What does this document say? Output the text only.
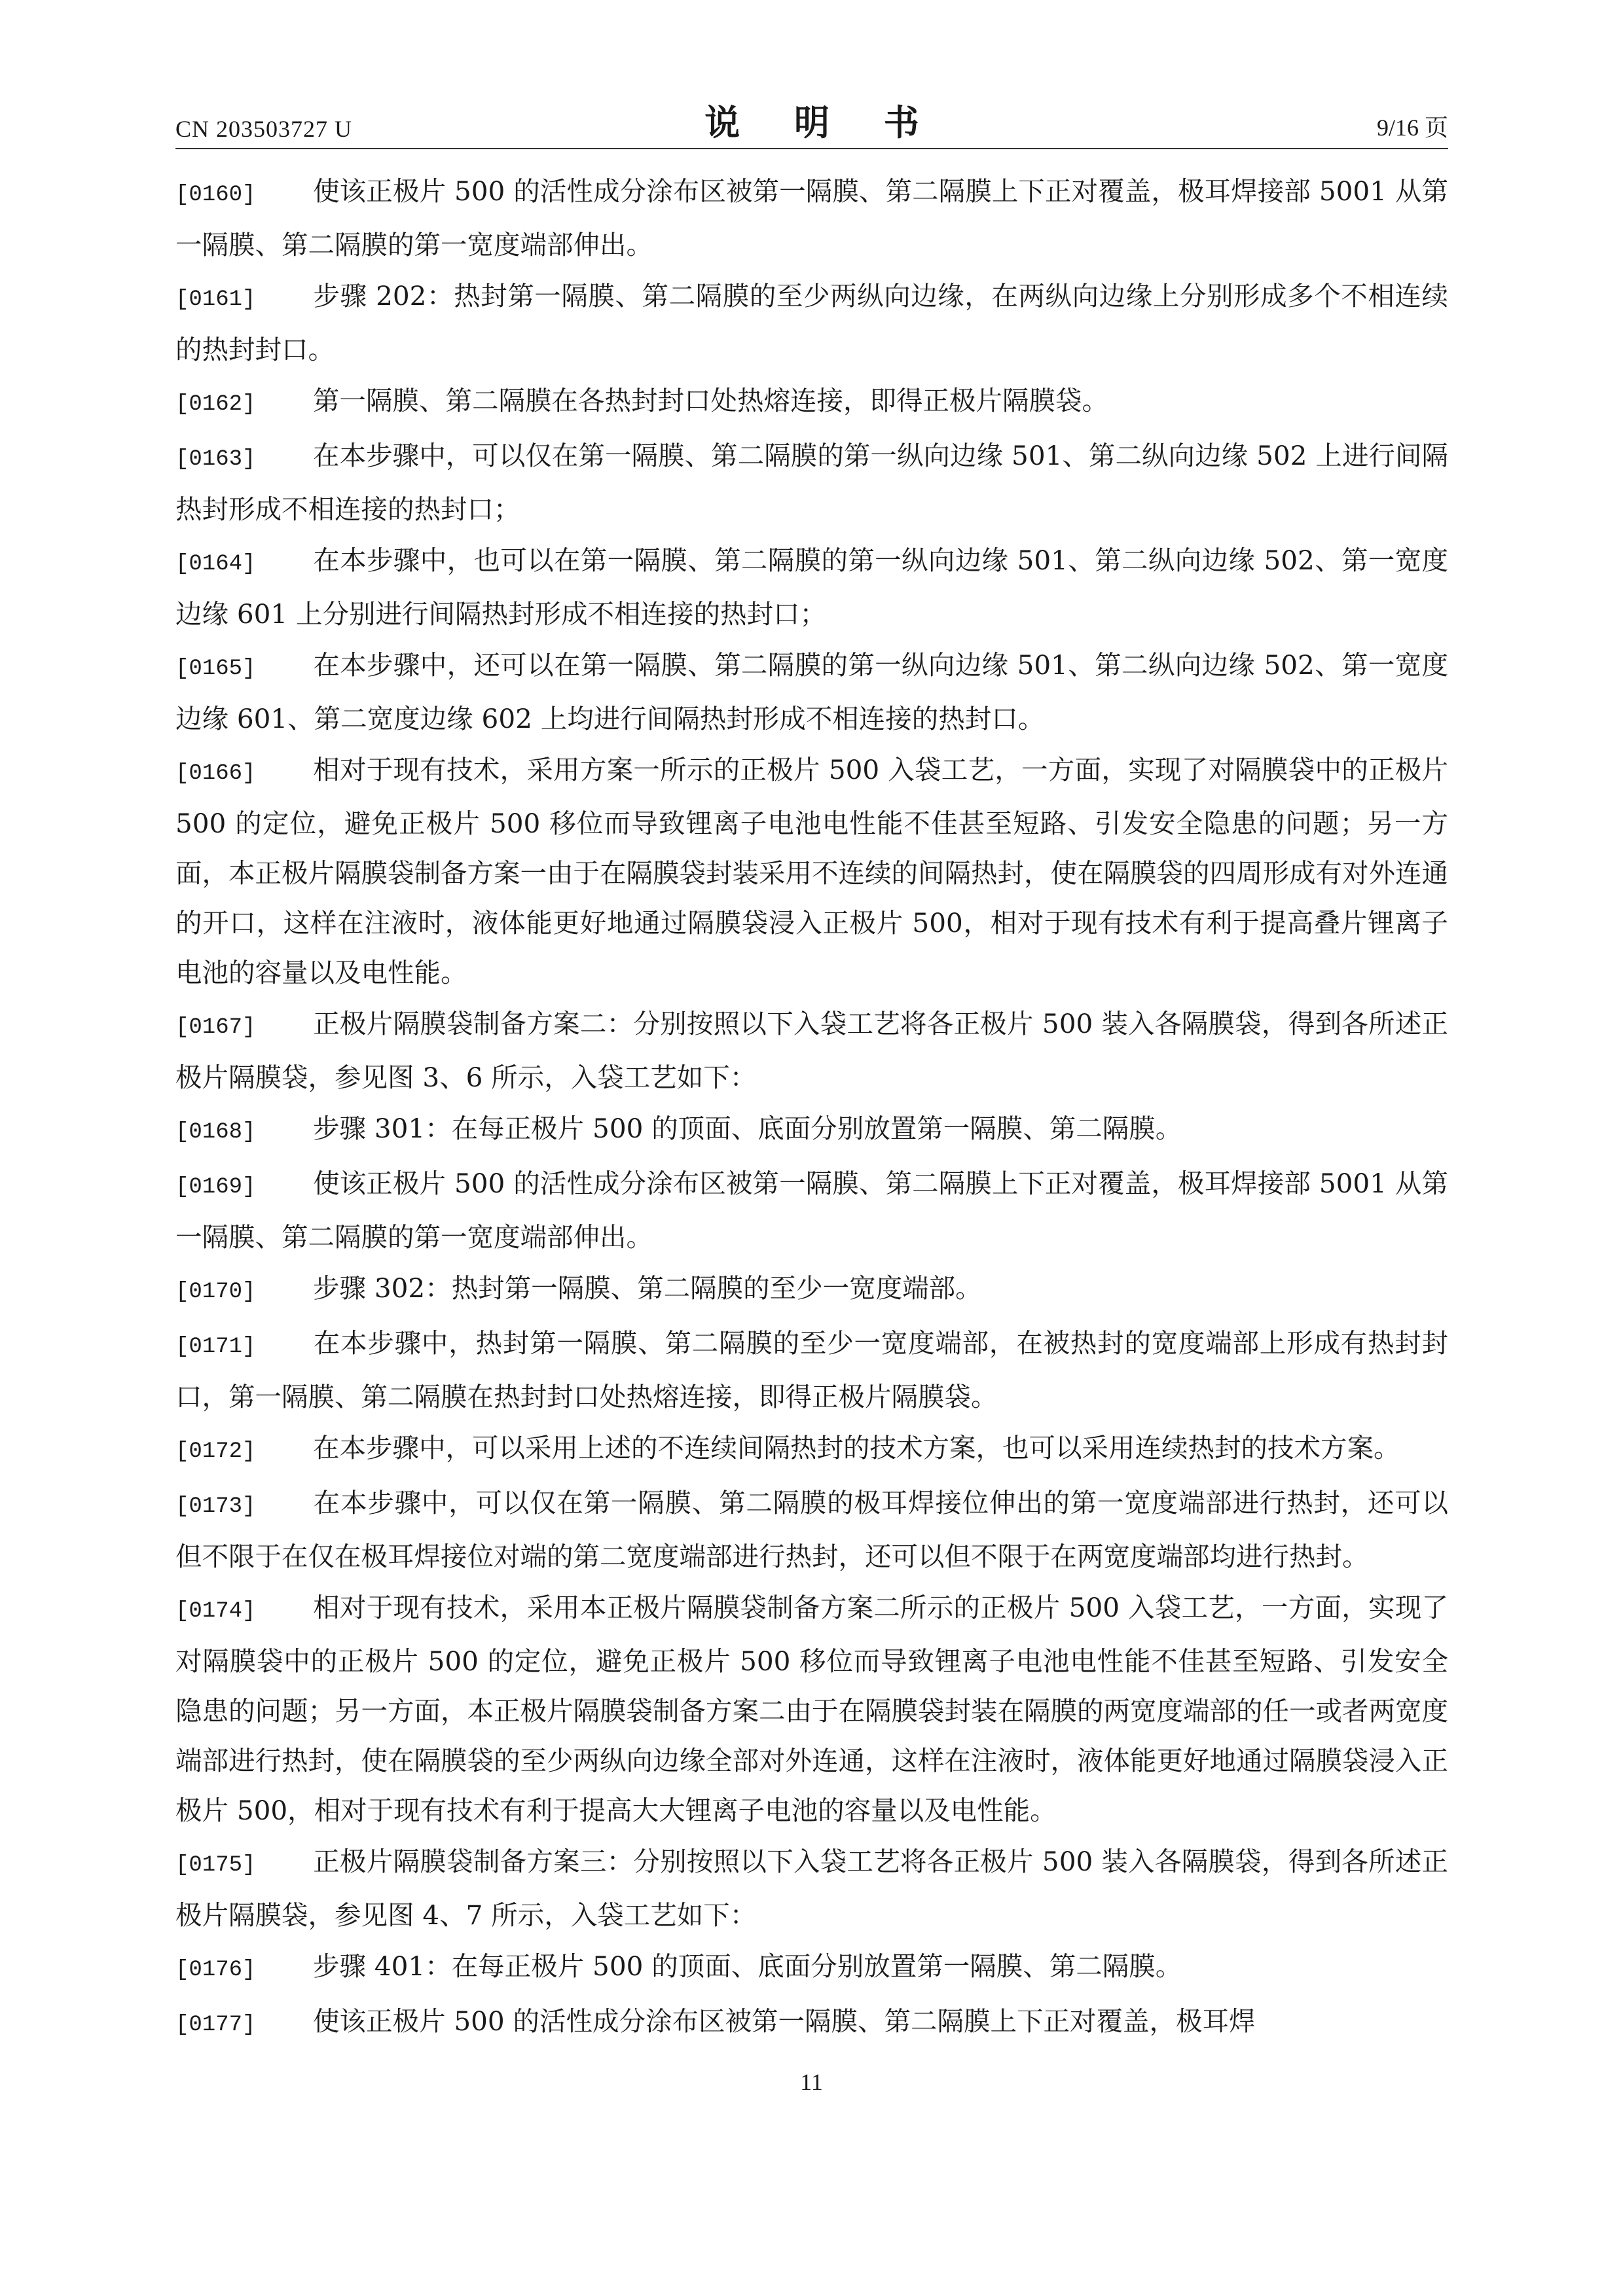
CN 203503727 U	说 明 书	9/16 页

[0160] 使该正极片 500 的活性成分涂布区被第一隔膜、第二隔膜上下正对覆盖，极耳焊接部 5001 从第一隔膜、第二隔膜的第一宽度端部伸出。

[0161] 步骤 202：热封第一隔膜、第二隔膜的至少两纵向边缘，在两纵向边缘上分别形成多个不相连续的热封封口。

[0162] 第一隔膜、第二隔膜在各热封封口处热熔连接，即得正极片隔膜袋。

[0163] 在本步骤中，可以仅在第一隔膜、第二隔膜的第一纵向边缘 501、第二纵向边缘 502 上进行间隔热封形成不相连接的热封口；

[0164] 在本步骤中，也可以在第一隔膜、第二隔膜的第一纵向边缘 501、第二纵向边缘 502、第一宽度边缘 601 上分别进行间隔热封形成不相连接的热封口；

[0165] 在本步骤中，还可以在第一隔膜、第二隔膜的第一纵向边缘 501、第二纵向边缘 502、第一宽度边缘 601、第二宽度边缘 602 上均进行间隔热封形成不相连接的热封口。

[0166] 相对于现有技术，采用方案一所示的正极片 500 入袋工艺，一方面，实现了对隔膜袋中的正极片 500 的定位，避免正极片 500 移位而导致锂离子电池电性能不佳甚至短路、引发安全隐患的问题；另一方面，本正极片隔膜袋制备方案一由于在隔膜袋封装采用不连续的间隔热封，使在隔膜袋的四周形成有对外连通的开口，这样在注液时，液体能更好地通过隔膜袋浸入正极片 500，相对于现有技术有利于提高叠片锂离子电池的容量以及电性能。

[0167] 正极片隔膜袋制备方案二：分别按照以下入袋工艺将各正极片 500 装入各隔膜袋，得到各所述正极片隔膜袋，参见图 3、6 所示，入袋工艺如下：

[0168] 步骤 301：在每正极片 500 的顶面、底面分别放置第一隔膜、第二隔膜。

[0169] 使该正极片 500 的活性成分涂布区被第一隔膜、第二隔膜上下正对覆盖，极耳焊接部 5001 从第一隔膜、第二隔膜的第一宽度端部伸出。

[0170] 步骤 302：热封第一隔膜、第二隔膜的至少一宽度端部。

[0171] 在本步骤中，热封第一隔膜、第二隔膜的至少一宽度端部，在被热封的宽度端部上形成有热封封口，第一隔膜、第二隔膜在热封封口处热熔连接，即得正极片隔膜袋。

[0172] 在本步骤中，可以采用上述的不连续间隔热封的技术方案，也可以采用连续热封的技术方案。

[0173] 在本步骤中，可以仅在第一隔膜、第二隔膜的极耳焊接位伸出的第一宽度端部进行热封，还可以但不限于在仅在极耳焊接位对端的第二宽度端部进行热封，还可以但不限于在两宽度端部均进行热封。

[0174] 相对于现有技术，采用本正极片隔膜袋制备方案二所示的正极片 500 入袋工艺，一方面，实现了对隔膜袋中的正极片 500 的定位，避免正极片 500 移位而导致锂离子电池电性能不佳甚至短路、引发安全隐患的问题；另一方面，本正极片隔膜袋制备方案二由于在隔膜袋封装在隔膜的两宽度端部的任一或者两宽度端部进行热封，使在隔膜袋的至少两纵向边缘全部对外连通，这样在注液时，液体能更好地通过隔膜袋浸入正极片 500，相对于现有技术有利于提高大大锂离子电池的容量以及电性能。

[0175] 正极片隔膜袋制备方案三：分别按照以下入袋工艺将各正极片 500 装入各隔膜袋，得到各所述正极片隔膜袋，参见图 4、7 所示，入袋工艺如下：

[0176] 步骤 401：在每正极片 500 的顶面、底面分别放置第一隔膜、第二隔膜。

[0177] 使该正极片 500 的活性成分涂布区被第一隔膜、第二隔膜上下正对覆盖，极耳焊

11
